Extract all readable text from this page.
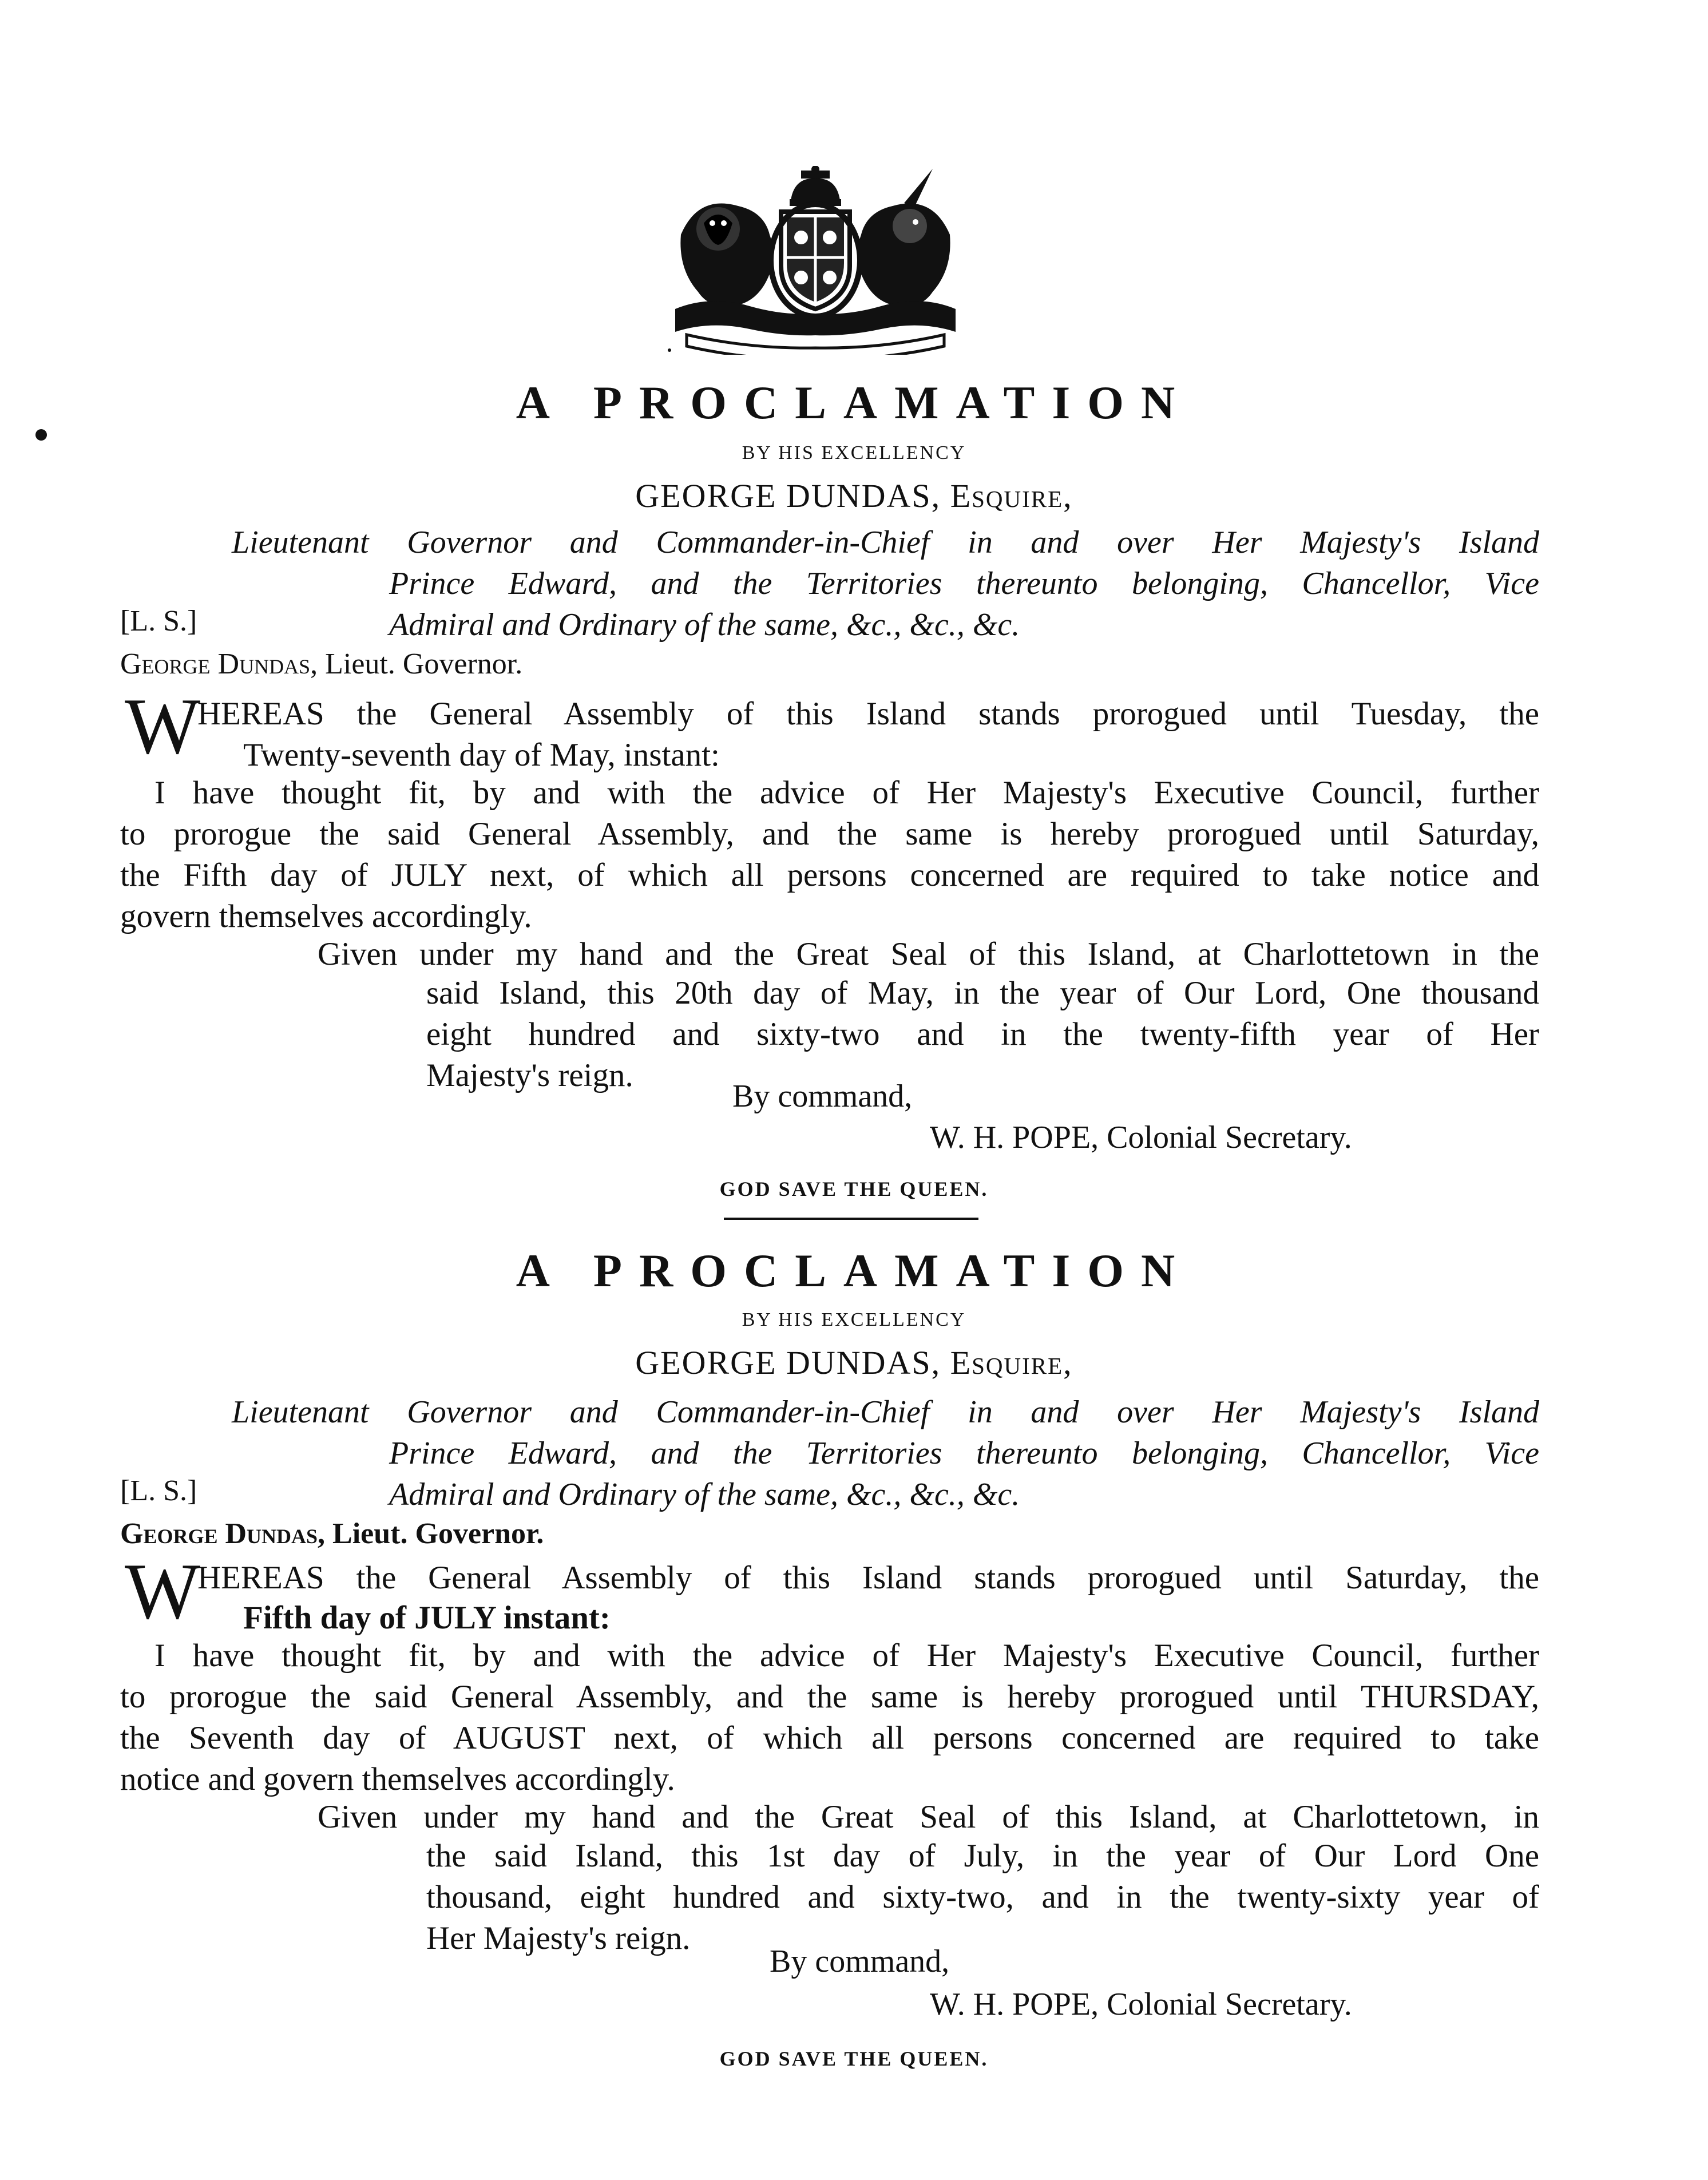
A PROCLAMATION
BY HIS EXCELLENCY
GEORGE DUNDAS, Esquire,
Lieutenant Governor and Commander-in-Chief in and over Her Majesty's Island
Prince Edward, and the Territories thereunto belonging, Chancellor, Vice
Admiral and Ordinary of the same, &c., &c., &c.
[L. S.]
George Dundas, Lieut. Governor.
W
HEREAS the General Assembly of this Island stands prorogued until Tuesday, the
Twenty-seventh day of May, instant:
I have thought fit, by and with the advice of Her Majesty's Executive Council, further
to prorogue the said General Assembly, and the same is hereby prorogued until Saturday,
the Fifth day of JULY next, of which all persons concerned are required to take notice and
govern themselves accordingly.
Given under my hand and the Great Seal of this Island, at Charlottetown in the
said Island, this 20th day of May, in the year of Our Lord, One thousand
eight hundred and sixty-two and in the twenty-fifth year of Her
Majesty's reign.
By command,
W. H. POPE, Colonial Secretary.
GOD SAVE THE QUEEN.
A PROCLAMATION
BY HIS EXCELLENCY
GEORGE DUNDAS, Esquire,
Lieutenant Governor and Commander-in-Chief in and over Her Majesty's Island
Prince Edward, and the Territories thereunto belonging, Chancellor, Vice
Admiral and Ordinary of the same, &c., &c., &c.
[L. S.]
George Dundas, Lieut. Governor.
W
HEREAS the General Assembly of this Island stands prorogued until Saturday, the
Fifth day of JULY instant:
I have thought fit, by and with the advice of Her Majesty's Executive Council, further
to prorogue the said General Assembly, and the same is hereby prorogued until THURSDAY,
the Seventh day of AUGUST next, of which all persons concerned are required to take
notice and govern themselves accordingly.
Given under my hand and the Great Seal of this Island, at Charlottetown, in
the said Island, this 1st day of July, in the year of Our Lord One
thousand, eight hundred and sixty-two, and in the twenty-sixty year of
Her Majesty's reign.
By command,
W. H. POPE, Colonial Secretary.
GOD SAVE THE QUEEN.
